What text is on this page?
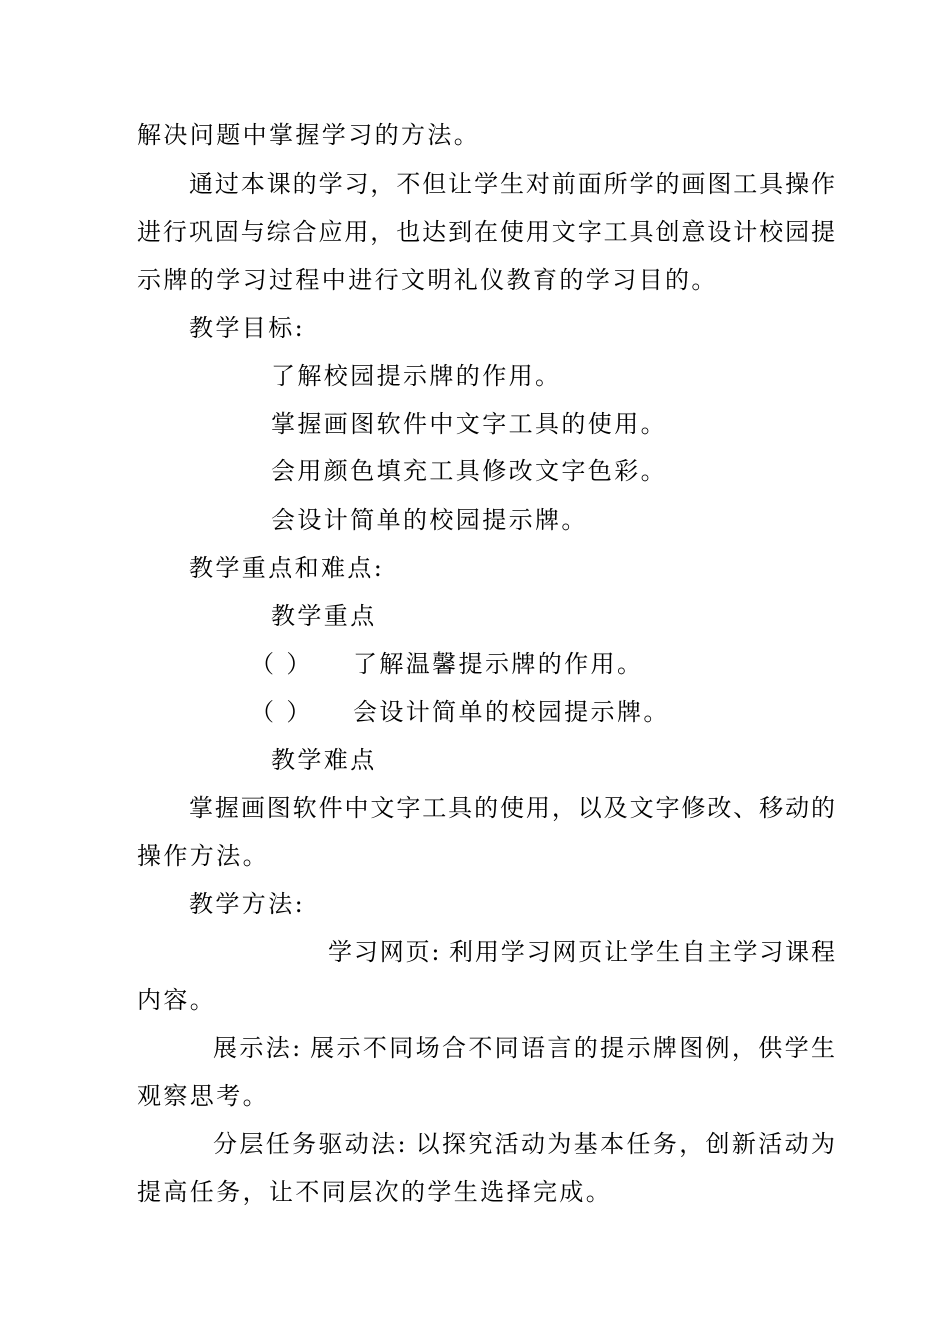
解决问题中掌握学习的方法。
通过本课的学习，不但让学生对前面所学的画图工具操作
进行巩固与综合应用，也达到在使用文字工具创意设计校园提
示牌的学习过程中进行文明礼仪教育的学习目的。
教学目标:
了解校园提示牌的作用。
掌握画图软件中文字工具的使用。
会用颜色填充工具修改文字色彩。
会设计简单的校园提示牌。
教学重点和难点:
教学重点
（ ）    了解温馨提示牌的作用。
（ ）    会设计简单的校园提示牌。
教学难点
掌握画图软件中文字工具的使用，以及文字修改、移动的
操作方法。
教学方法:
学习网页: 利用学习网页让学生自主学习课程
内容。
展示法: 展示不同场合不同语言的提示牌图例，供学生
观察思考。
分层任务驱动法: 以探究活动为基本任务，创新活动为
提高任务，让不同层次的学生选择完成。
